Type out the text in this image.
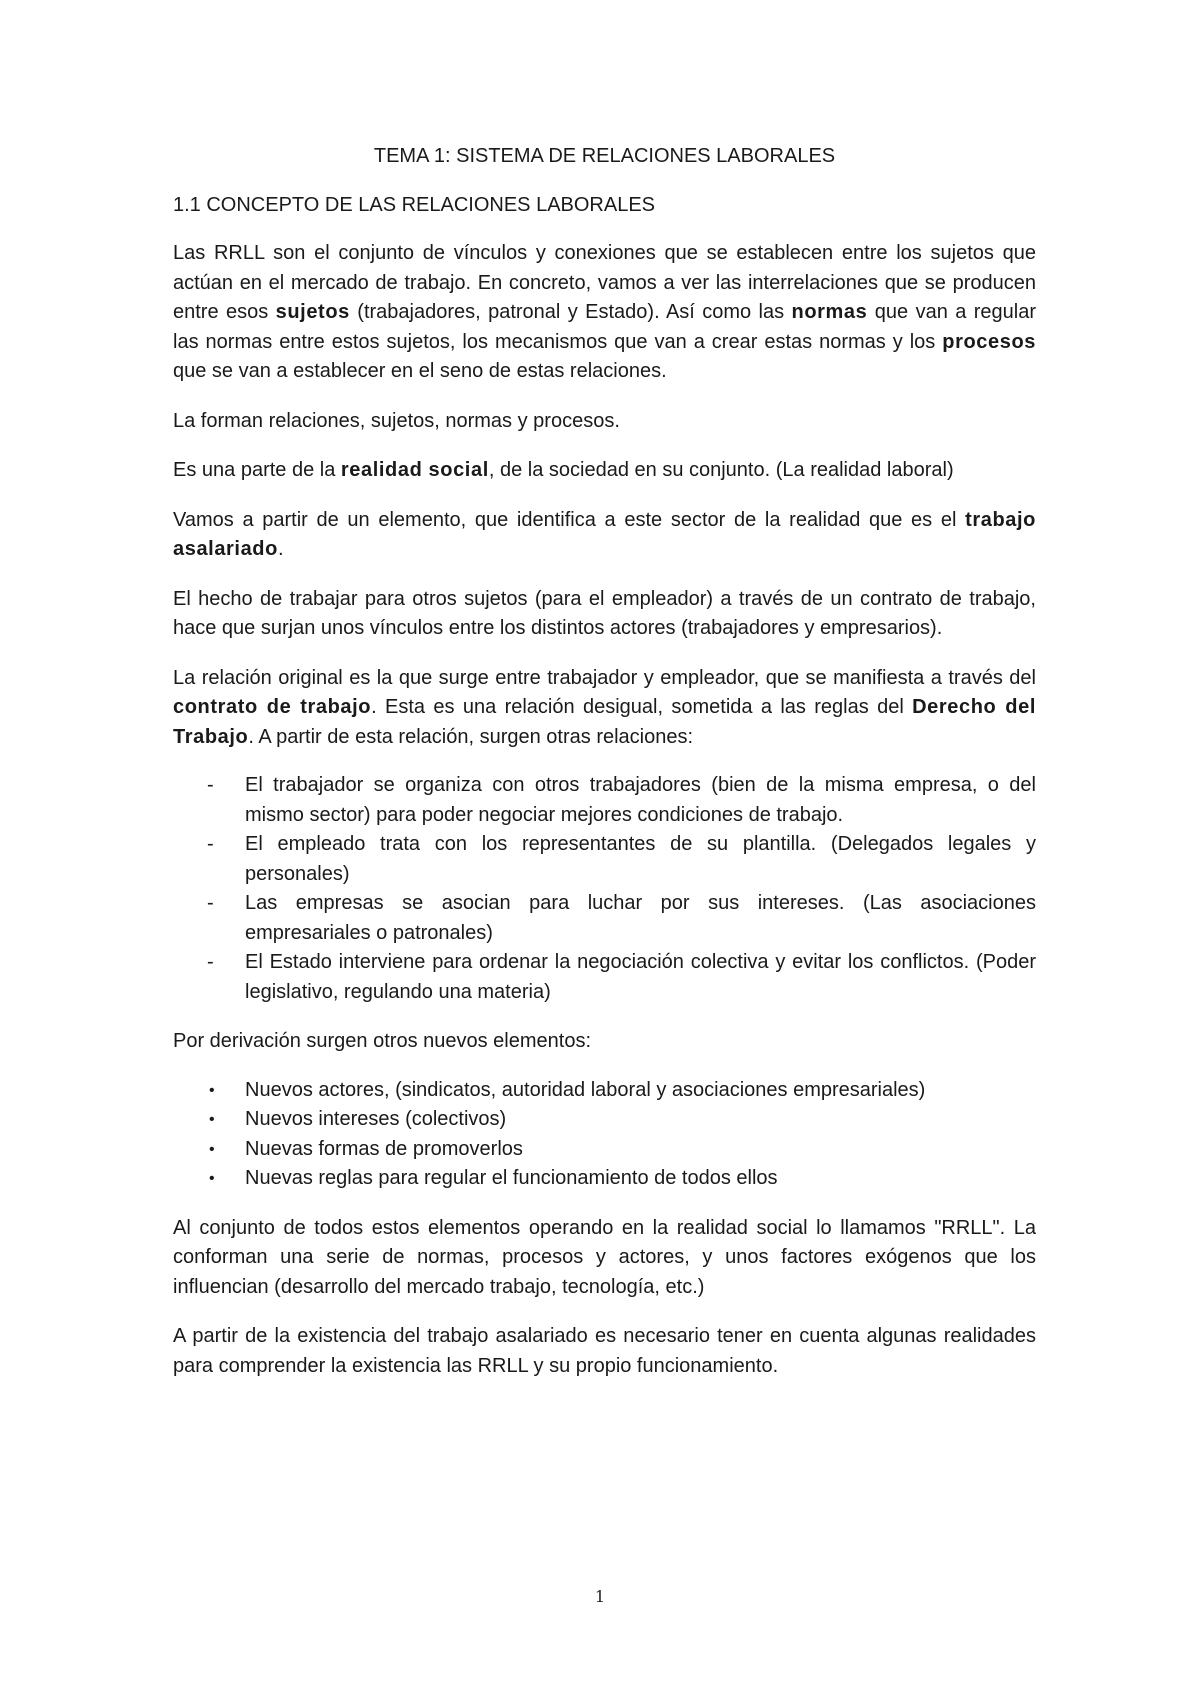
TEMA 1: SISTEMA DE RELACIONES LABORALES
1.1 CONCEPTO DE LAS RELACIONES LABORALES

Las RRLL son el conjunto de vínculos y conexiones que se establecen entre los sujetos que actúan en el mercado de trabajo. En concreto, vamos a ver las interrelaciones que se producen entre esos sujetos (trabajadores, patronal y Estado). Así como las normas que van a regular las normas entre estos sujetos, los mecanismos que van a crear estas normas y los procesos que se van a establecer en el seno de estas relaciones.

La forman relaciones, sujetos, normas y procesos.

Es una parte de la realidad social, de la sociedad en su conjunto. (La realidad laboral)

Vamos a partir de un elemento, que identifica a este sector de la realidad que es el trabajo asalariado.

El hecho de trabajar para otros sujetos (para el empleador) a través de un contrato de trabajo, hace que surjan unos vínculos entre los distintos actores (trabajadores y empresarios).

La relación original es la que surge entre trabajador y empleador, que se manifiesta a través del contrato de trabajo. Esta es una relación desigual, sometida a las reglas del Derecho del Trabajo. A partir de esta relación, surgen otras relaciones:

- El trabajador se organiza con otros trabajadores (bien de la misma empresa, o del mismo sector) para poder negociar mejores condiciones de trabajo.
- El empleado trata con los representantes de su plantilla. (Delegados legales y personales)
- Las empresas se asocian para luchar por sus intereses. (Las asociaciones empresariales o patronales)
- El Estado interviene para ordenar la negociación colectiva y evitar los conflictos. (Poder legislativo, regulando una materia)

Por derivación surgen otros nuevos elementos:

• Nuevos actores, (sindicatos, autoridad laboral y asociaciones empresariales)
• Nuevos intereses (colectivos)
• Nuevas formas de promoverlos
• Nuevas reglas para regular el funcionamiento de todos ellos

Al conjunto de todos estos elementos operando en la realidad social lo llamamos "RRLL". La conforman una serie de normas, procesos y actores, y unos factores exógenos que los influencian (desarrollo del mercado trabajo, tecnología, etc.)

A partir de la existencia del trabajo asalariado es necesario tener en cuenta algunas realidades para comprender la existencia las RRLL y su propio funcionamiento.

1
